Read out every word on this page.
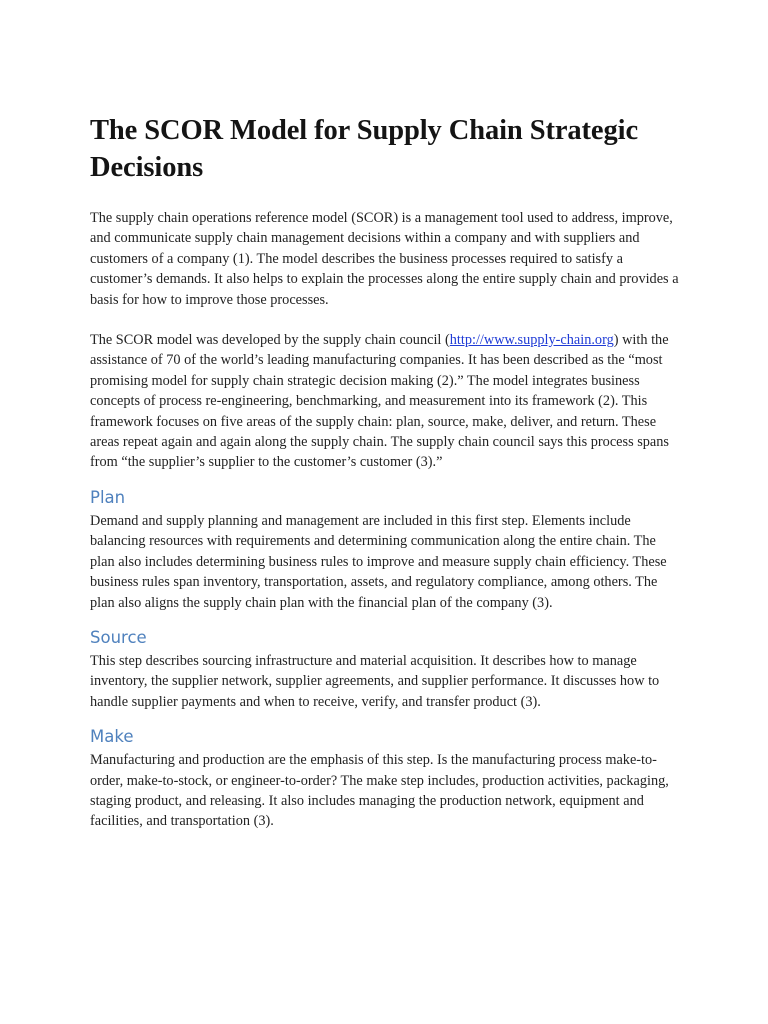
The SCOR Model for Supply Chain Strategic Decisions

The supply chain operations reference model (SCOR) is a management tool used to address, improve, and communicate supply chain management decisions within a company and with suppliers and customers of a company (1). The model describes the business processes required to satisfy a customer’s demands. It also helps to explain the processes along the entire supply chain and provides a basis for how to improve those processes.

The SCOR model was developed by the supply chain council (http://www.supply-chain.org) with the assistance of 70 of the world’s leading manufacturing companies. It has been described as the “most promising model for supply chain strategic decision making (2).” The model integrates business concepts of process re-engineering, benchmarking, and measurement into its framework (2). This framework focuses on five areas of the supply chain: plan, source, make, deliver, and return. These areas repeat again and again along the supply chain. The supply chain council says this process spans from “the supplier’s supplier to the customer’s customer (3).”

Plan

Demand and supply planning and management are included in this first step. Elements include balancing resources with requirements and determining communication along the entire chain. The plan also includes determining business rules to improve and measure supply chain efficiency. These business rules span inventory, transportation, assets, and regulatory compliance, among others. The plan also aligns the supply chain plan with the financial plan of the company (3).

Source

This step describes sourcing infrastructure and material acquisition. It describes how to manage inventory, the supplier network, supplier agreements, and supplier performance. It discusses how to handle supplier payments and when to receive, verify, and transfer product (3).

Make

Manufacturing and production are the emphasis of this step. Is the manufacturing process make-to-order, make-to-stock, or engineer-to-order? The make step includes, production activities, packaging, staging product, and releasing. It also includes managing the production network, equipment and facilities, and transportation (3).
